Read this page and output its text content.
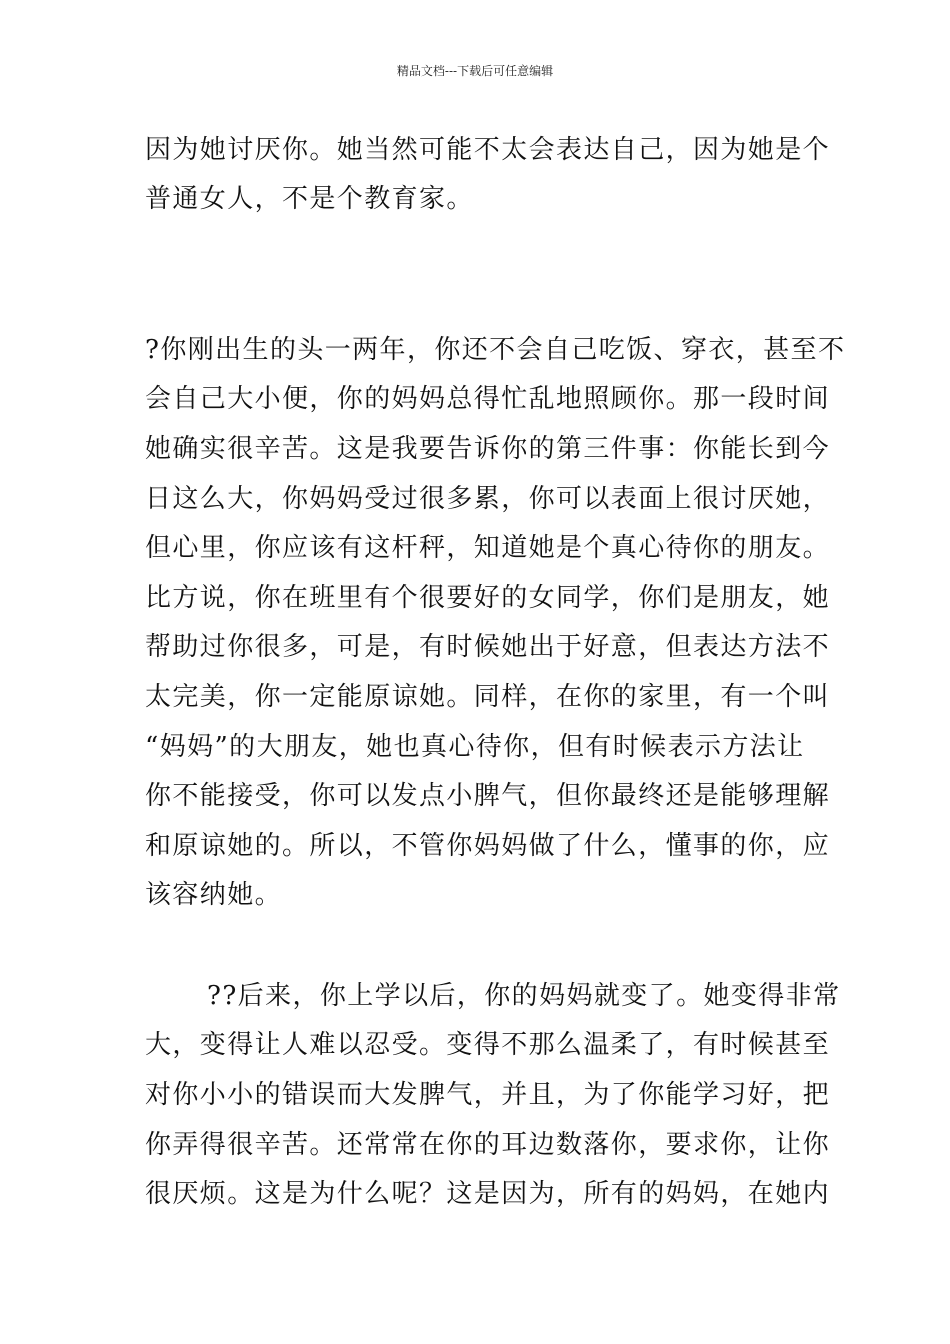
精品文档---下载后可任意编辑
因为她讨厌你。她当然可能不太会表达自己，因为她是个
普通女人，不是个教育家。
?你刚出生的头一两年，你还不会自己吃饭、穿衣，甚至不
会自己大小便，你的妈妈总得忙乱地照顾你。那一段时间
她确实很辛苦。这是我要告诉你的第三件事：你能长到今
日这么大，你妈妈受过很多累，你可以表面上很讨厌她，
但心里，你应该有这杆秤，知道她是个真心待你的朋友。
比方说，你在班里有个很要好的女同学，你们是朋友，她
帮助过你很多，可是，有时候她出于好意，但表达方法不
太完美，你一定能原谅她。同样，在你的家里，有一个叫
“妈妈”的大朋友，她也真心待你，但有时候表示方法让
你不能接受，你可以发点小脾气，但你最终还是能够理解
和原谅她的。所以，不管你妈妈做了什么，懂事的你，应
该容纳她。
??后来，你上学以后，你的妈妈就变了。她变得非常
大，变得让人难以忍受。变得不那么温柔了，有时候甚至
对你小小的错误而大发脾气，并且，为了你能学习好，把
你弄得很辛苦。还常常在你的耳边数落你，要求你，让你
很厌烦。这是为什么呢？这是因为，所有的妈妈，在她内
